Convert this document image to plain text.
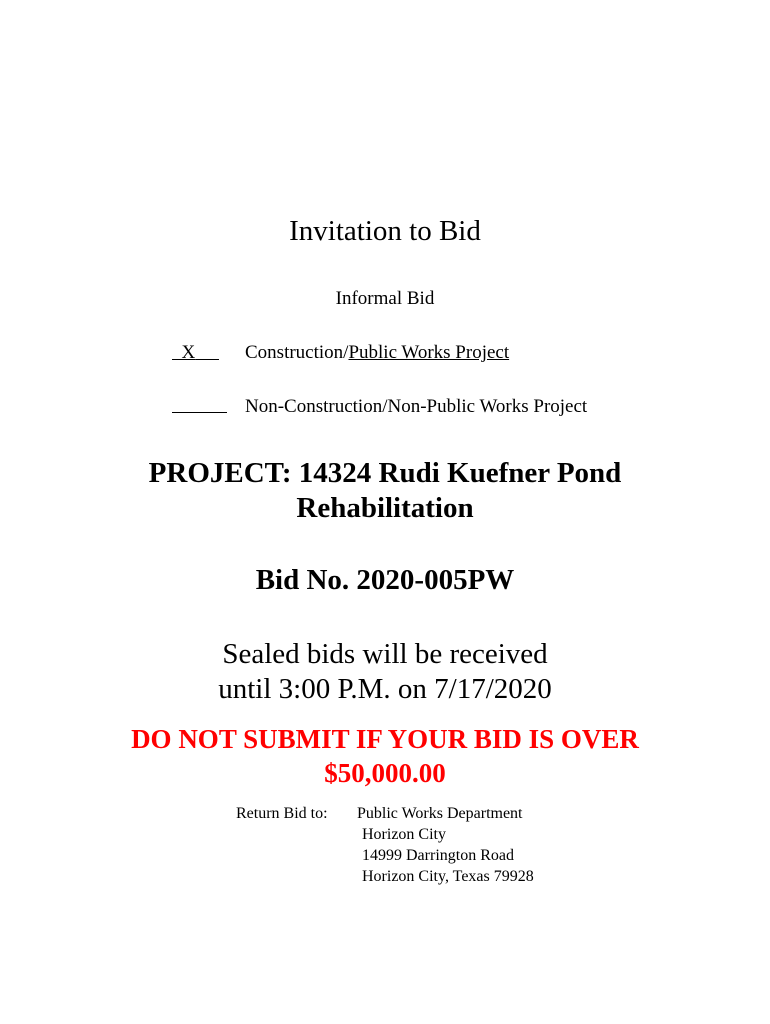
Invitation to Bid
Informal Bid
X	Construction/Public Works Project
Non-Construction/Non-Public Works Project
PROJECT: 14324 Rudi Kuefner Pond
Rehabilitation
Bid No. 2020-005PW
Sealed bids will be received
until 3:00 P.M. on 7/17/2020
DO NOT SUBMIT IF YOUR BID IS OVER
$50,000.00
Return Bid to: Public Works Department
Horizon City
14999 Darrington Road
Horizon City, Texas 79928
